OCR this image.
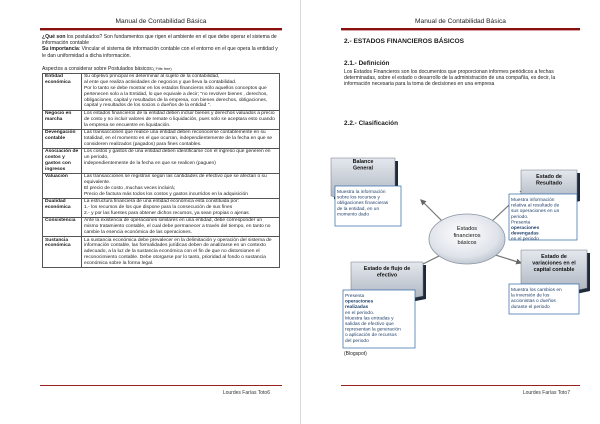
Manual de Contabilidad Básica

¿Qué son los postulados? Son fundamentos que rigen el ambiente en el que debe operar el sistema de información contable

Su importancia: Vincular el sistema de información contable con el entorno en el que opera la entidad y le dan uniformidad a dicha información.

Aspectos a considerar sobre Postulados básicos:( Fiife free)
Entidad económica	Su objetivo principal es determinar al sujeto de la contabilidad,
al ente que realiza actividades de negocios y que lleva la contabilidad.
Por lo tanto se debe mostrar en los estados financieros sólo aquellos conceptos que pertenecen solo a la Entidad, lo que equivale a decir; "no revolver bienes , derechos, obligaciones, capital y resultados de la empresa, con bienes derechos, obligaciones, capital y resultados de los socios o dueños de la entidad ".

Negocio en marcha	Los estados financieros de la entidad deben incluir bienes y derechos valuados a precio de costo y no incluir valores de remate o liquidación, pues solo se aceptara esto cuando la empresa se encuentre en liquidación.

Devengación contable	Las transacciones que realice una entidad deben reconocerse contablemente en su totalidad, en el momento en el que ocurran, independientemente de la fecha en que se consideren realizados (pagados) para fines contables.

Asociación de costos y gastos con ingresos	Los costos y gastos de una entidad deben identificarse con el ingreso que generen en un periodo,
independientemente de la fecha en que se realicen (paguen)

Valuación	Las transacciones se registran según las cantidades de efectivo que se afectan o su equivalente.
El precio de costo ,muchas veces incluirá;
Precio de factura más todos los costos y gastos incurridos en la adquisición

Dualidad económica	La estructura financiera de una entidad económica está constituida por:
1.- los recursos de los que dispone para la consecución de sus fines
2.- y por las fuentes para obtener dichos recursos, ya sean propias o ajenas

Consistencia	Ante la existencia de operaciones similares en una entidad, debe corresponder un mismo tratamiento contable, el cual debe permanecer a través del tiempo, en tanto no cambie la esencia económica de las operaciones.

Sustancia económica	La sustancia económica debe prevalecer en la delimitación y operación del sistema de información contable, las formalidades jurídicas deben de analizarse en un contexto adecuado, a la luz de la sustancia económica con el fin de que no distorsionen el reconocimiento contable. Debe otorgarse por lo tanto, prioridad al fondo o sustancia económica sobre la forma legal.
Lourdes Farías Toto6
Manual de Contabilidad Básica
2.- ESTADOS FINANCIEROS BÁSICOS
2.1.- Definición
Los Estados Financieros son los documentos que proporcionan informes periódicos a fechas determinadas, sobre el estado o desarrollo de la administración de una compañía, es decir, la información necesaria para la toma de decisiones en una empresa
2.2.- Clasificación
Estados financieros básicos
Balance General
Muestra la información sobre los recursos y obligaciones financieras de la entidad, en un momento dado
Estado de Resultado
Muestra información relativa al resultado de sus operaciones en un periodo. Presenta operaciones devengadas en el periodo
Estado de flujo de efectivo
Presenta operaciones realizadas en el periodo. Muestra las entradas y salidas de efectivo que representan la generación o aplicación de recursos del periodo
Estado de variaciones en el capital contable
Muestra los cambios en la inversión de los accionistas o dueños durante el periodo
(Blogspot)
Lourdes Farías Toto7
